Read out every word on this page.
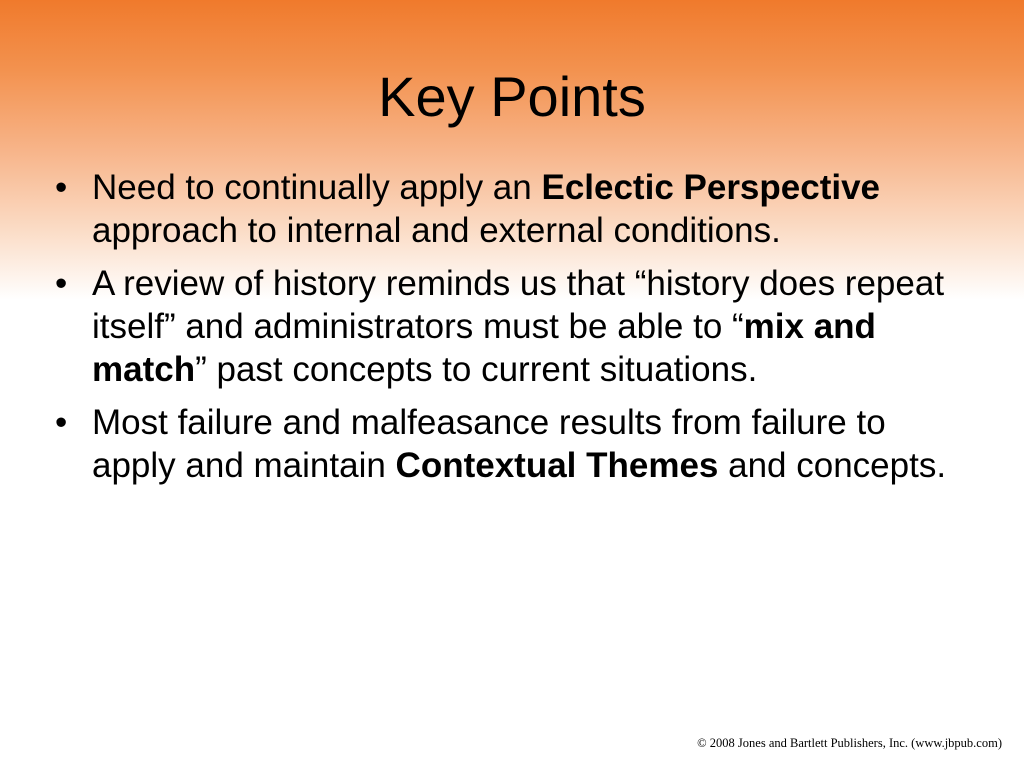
Key Points
• Need to continually apply an Eclectic Perspective approach to internal and external conditions.
• A review of history reminds us that “history does repeat itself” and administrators must be able to “mix and match” past concepts to current situations.
• Most failure and malfeasance results from failure to apply and maintain Contextual Themes and concepts.
© 2008 Jones and Bartlett Publishers, Inc. (www.jbpub.com)
